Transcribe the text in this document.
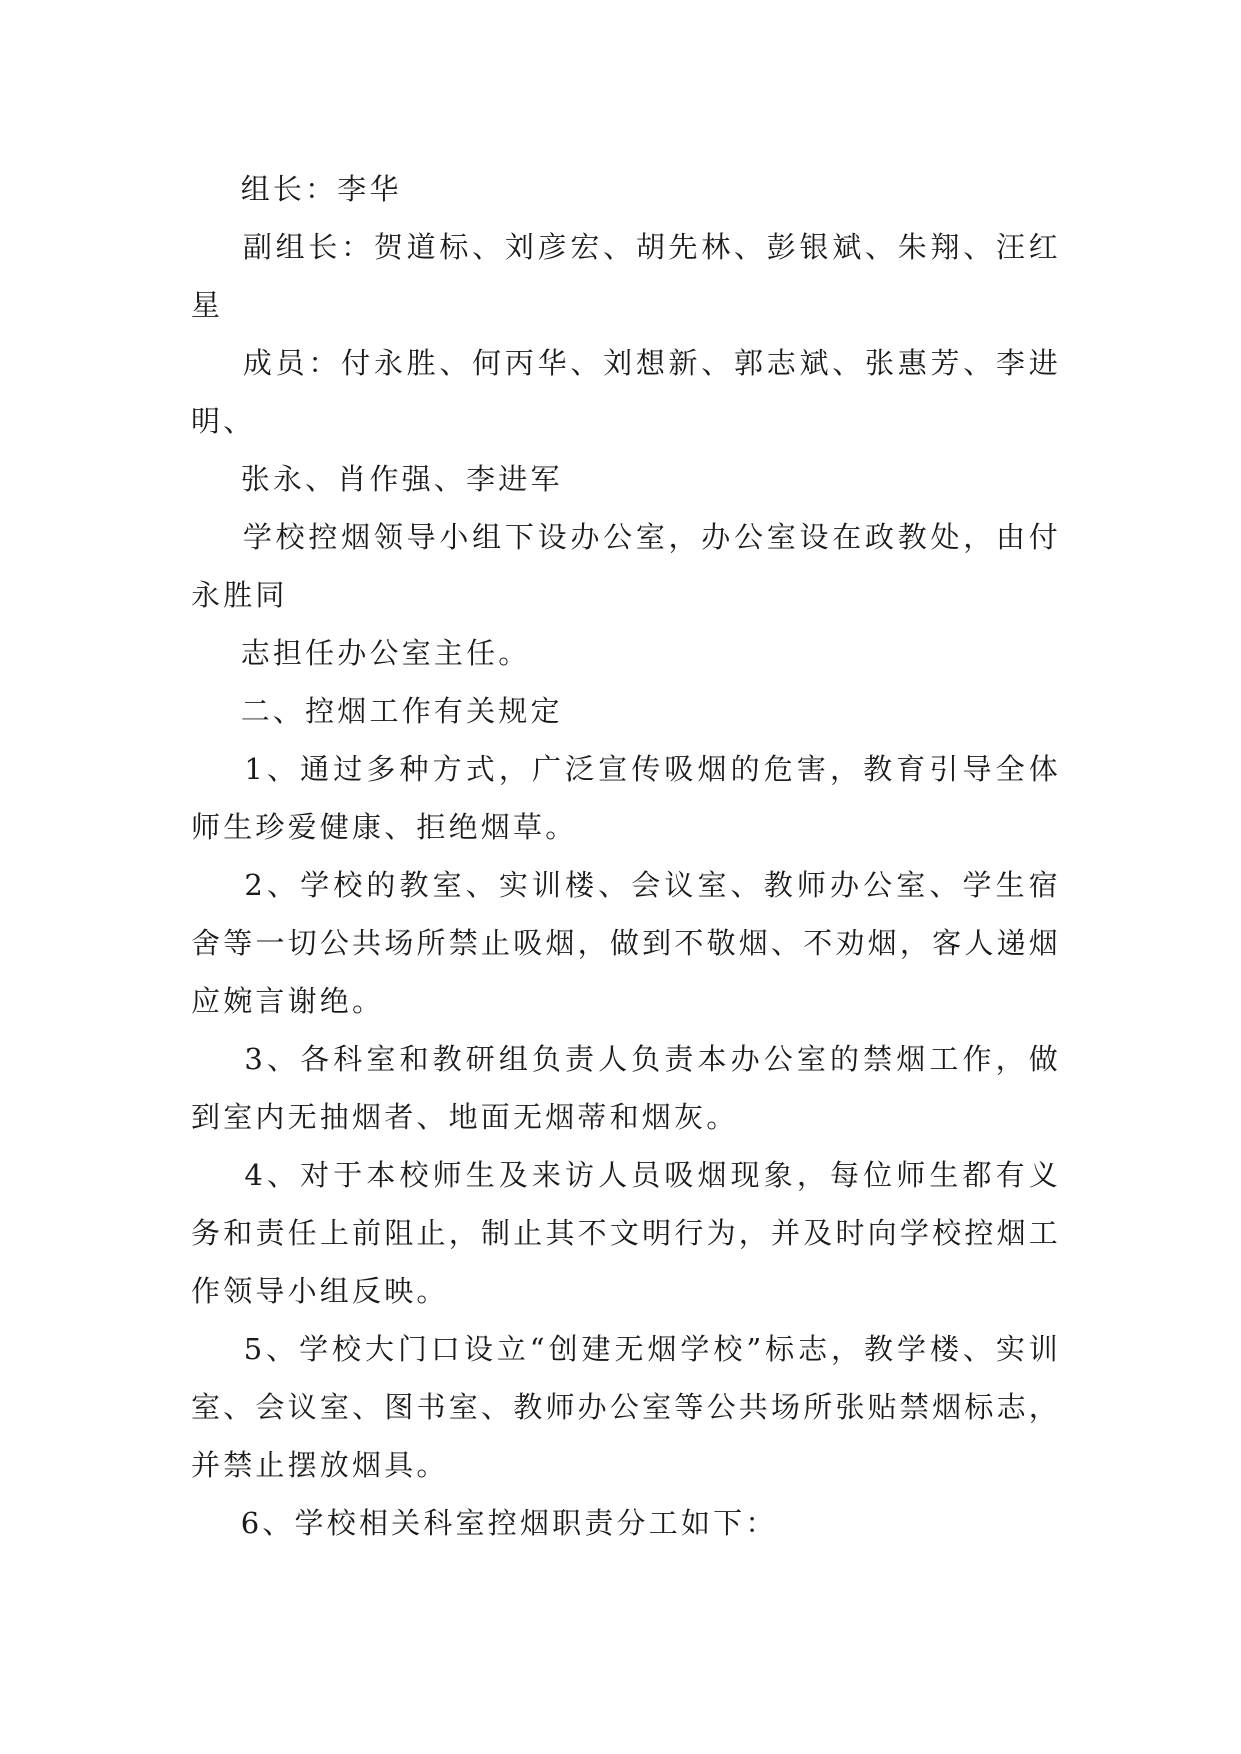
组长：李华

副组长：贺道标、刘彦宏、胡先林、彭银斌、朱翔、汪红星

成员：付永胜、何丙华、刘想新、郭志斌、张惠芳、李进明、

张永、肖作强、李进军

学校控烟领导小组下设办公室，办公室设在政教处，由付永胜同

志担任办公室主任。

二、控烟工作有关规定

1、通过多种方式，广泛宣传吸烟的危害，教育引导全体师生珍爱健康、拒绝烟草。

2、学校的教室、实训楼、会议室、教师办公室、学生宿舍等一切公共场所禁止吸烟，做到不敬烟、不劝烟，客人递烟应婉言谢绝。

3、各科室和教研组负责人负责本办公室的禁烟工作，做到室内无抽烟者、地面无烟蒂和烟灰。

4、对于本校师生及来访人员吸烟现象，每位师生都有义务和责任上前阻止，制止其不文明行为，并及时向学校控烟工作领导小组反映。

5、学校大门口设立“创建无烟学校”标志，教学楼、实训室、会议室、图书室、教师办公室等公共场所张贴禁烟标志，并禁止摆放烟具。

6、学校相关科室控烟职责分工如下：
